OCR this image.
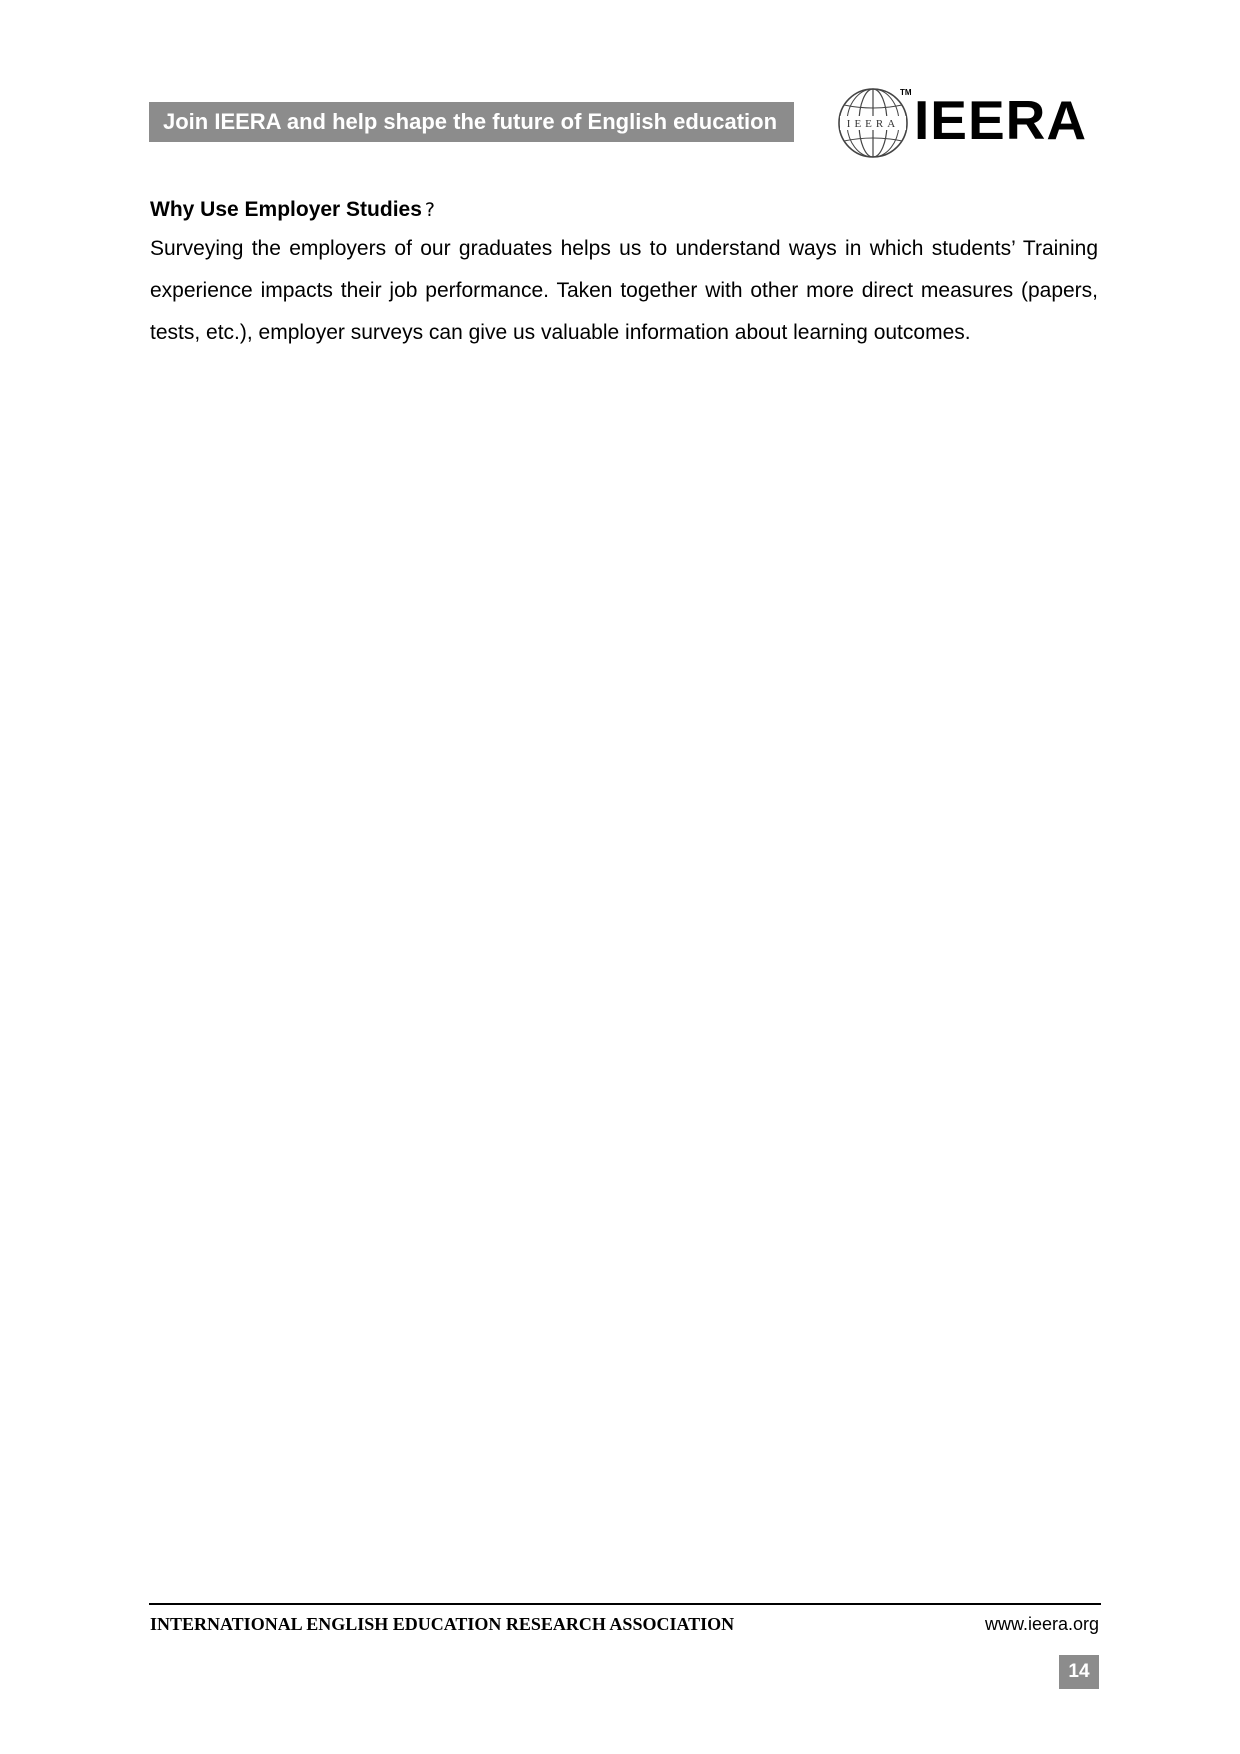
Join IEERA and help shape the future of English education	IEERA
TM IEERA
Why Use Employer Studies ?

Surveying the employers of our graduates helps us to understand ways in which students’ Training experience impacts their job performance. Taken together with other more direct measures (papers, tests, etc.), employer surveys can give us valuable information about learning outcomes.

INTERNATIONAL ENGLISH EDUCATION RESEARCH ASSOCIATION	www.ieera.org
14
